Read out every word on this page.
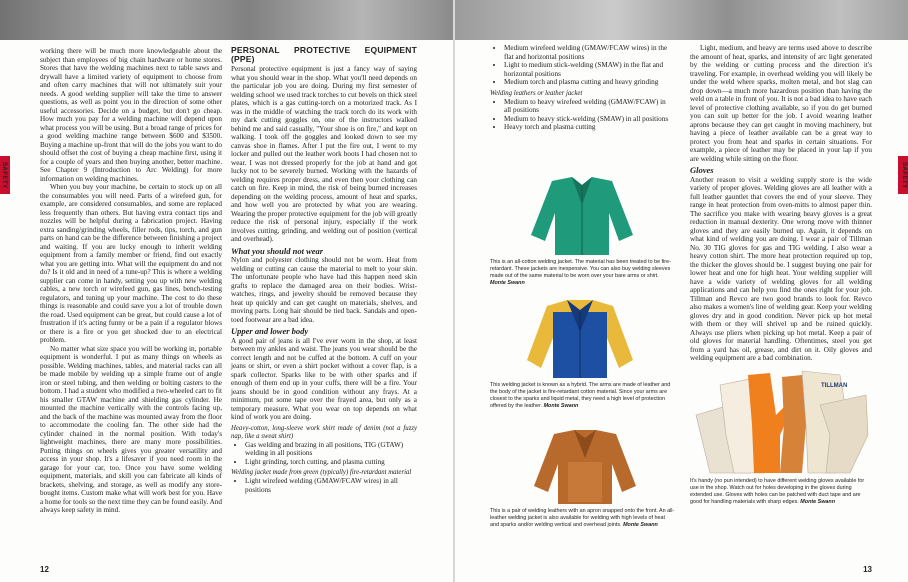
SAFETY

working there will be much more knowledgeable about the subject than employees of big chain hardware or home stores. Stores that have the welding machines next to table saws and drywall have a limited variety of equipment to choose from and often carry machines that will not ultimately suit your needs. A good welding supplier will take the time to answer questions, as well as point you in the direction of some other useful accessories. Decide on a budget, but don't go cheap. How much you pay for a welding machine will depend upon what process you will be using. But a broad range of prices for a good welding machine range between $600 and $3500. Buying a machine up-front that will do the jobs you want to do should offset the cost of buying a cheap machine first, using it for a couple of years and then buying another, better machine. See Chapter 9 (Introduction to Arc Welding) for more information on welding machines.

When you buy your machine, be certain to stock up on all the consumables you will need. Parts of a wirefeed gun, for example, are considered consumables, and some are replaced less frequently than others. But having extra contact tips and nozzles will be helpful during a fabrication project. Having extra sanding/grinding wheels, filler rods, tips, torch, and gun parts on hand can be the difference between finishing a project and waiting. If you are lucky enough to inherit welding equipment from a family member or friend, find out exactly what you are getting into. What will the equipment do and not do? Is it old and in need of a tune-up? This is where a welding supplier can come in handy, setting you up with new welding cables, a new torch or wirefeed gun, gas lines, bench-testing regulators, and tuning up your machine. The cost to do these things is reasonable and could save you a lot of trouble down the road. Used equipment can be great, but could cause a lot of frustration if it's acting funny or be a pain if a regulator blows or there is a fire or you get shocked due to an electrical problem.

No matter what size space you will be working in, portable equipment is wonderful. I put as many things on wheels as possible. Welding machines, tables, and material racks can all be made mobile by welding up a simple frame out of angle iron or steel tubing, and then welding or bolting casters to the bottom. I had a student who modified a two-wheeled cart to fit his smaller GTAW machine and shielding gas cylinder. He mounted the machine vertically with the controls facing up, and the back of the machine was mounted away from the floor to accommodate the cooling fan. The other side had the cylinder chained in the normal position. With today's lightweight machines, there are many more possibilities. Putting things on wheels gives you greater versatility and access in your shop. It's a lifesaver if you need room in the garage for your car, too. Once you have some welding equipment, materials, and skill you can fabricate all kinds of brackets, shelving, and storage, as well as modify any store-bought items. Custom make what will work best for you. Have a home for tools so the next time they can be found easily. And always keep safety in mind.

PERSONAL PROTECTIVE EQUIPMENT (PPE)

Personal protective equipment is just a fancy way of saying what you should wear in the shop. What you'll need depends on the particular job you are doing. During my first semester of welding school we used track torches to cut bevels on thick steel plates, which is a gas cutting-torch on a motorized track. As I was in the middle of watching the track torch do its work with my dark cutting goggles on, one of the instructors walked behind me and said casually, "Your shoe is on fire," and kept on walking. I took off the goggles and looked down to see my canvas shoe in flames. After I put the fire out, I went to my locker and pulled out the leather work boots I had chosen not to wear. I was not dressed properly for the job at hand and got lucky not to be severely burned. Working with the hazards of welding requires proper dress, and even then your clothing can catch on fire. Keep in mind, the risk of being burned increases depending on the welding process, amount of heat and sparks, and how well you are protected by what you are wearing. Wearing the proper protective equipment for the job will greatly reduce the risk of personal injury, especially if the work involves cutting, grinding, and welding out of position (vertical and overhead).

What you should not wear

Nylon and polyester clothing should not be worn. Heat from welding or cutting can cause the material to melt to your skin. The unfortunate people who have had this happen need skin grafts to replace the damaged area on their bodies. Wrist-watches, rings, and jewelry should be removed because they heat up quickly and can get caught on materials, shelves, and moving parts. Long hair should be tied back. Sandals and open-toed footwear are a bad idea.

Upper and lower body

A good pair of jeans is all I've ever worn in the shop, at least between my ankles and waist. The jeans you wear should be the correct length and not be cuffed at the bottom. A cuff on your jeans or shirt, or even a shirt pocket without a cover flap, is a spark collector. Sparks like to be with other sparks and if enough of them end up in your cuffs, there will be a fire. Your jeans should be in good condition without any frays. At a minimum, put some tape over the frayed area, but only as a temporary measure. What you wear on top depends on what kind of work you are doing.

Heavy-cotton, long-sleeve work shirt made of denim (not a fuzzy nap, like a sweat shirt)
• Gas welding and brazing in all positions, TIG (GTAW) welding in all positions
• Light grinding, torch cutting, and plasma cutting
Welding jacket made from green (typically) fire-retardant material
• Light wirefeed welding (GMAW/FCAW wires) in all positions
12
SAFETY
• Medium wirefeed welding (GMAW/FCAW wires) in the flat and horizontal positions
• Light to medium stick-welding (SMAW) in the flat and horizontal positions
• Medium torch and plasma cutting and heavy grinding
Welding leathers or leather jacket
• Medium to heavy wirefeed welding (GMAW/FCAW) in all positions
• Medium to heavy stick-welding (SMAW) in all positions
• Heavy torch and plasma cutting
This is an all-cotton welding jacket. The material has been treated to be fire-retardant. These jackets are inexpensive. You can also buy welding sleeves made out of the same material to be worn over your bare arms or shirt. Monte Swann
This welding jacket is known as a hybrid. The arms are made of leather and the body of the jacket is fire-retardant cotton material. Since your arms are closest to the sparks and liquid metal, they need a high level of protection offered by the leather. Monte Swann
This is a pair of welding leathers with an apron snapped onto the front. An all-leather welding jacket is also available for welding with high levels of heat and sparks and/or welding vertical and overhead joints. Monte Swann

Light, medium, and heavy are terms used above to describe the amount of heat, sparks, and intensity of arc light generated by the welding or cutting process and the direction it's traveling. For example, in overhead welding you will likely be under the weld where sparks, molten metal, and hot slag can drop down—a much more hazardous position than having the weld on a table in front of you. It is not a bad idea to have each level of protective clothing available, so if you do get burned you can suit up better for the job. I avoid wearing leather aprons because they can get caught in moving machinery, but having a piece of leather available can be a great way to protect you from heat and sparks in certain situations. For example, a piece of leather may be placed in your lap if you are welding while sitting on the floor.

Gloves

Another reason to visit a welding supply store is the wide variety of proper gloves. Welding gloves are all leather with a full leather gauntlet that covers the end of your sleeve. They range in heat protection from oven-mitts to almost paper thin. The sacrifice you make with wearing heavy gloves is a great reduction in manual dexterity. One wrong move with thinner gloves and they are easily burned up. Again, it depends on what kind of welding you are doing. I wear a pair of Tillman No. 30 TIG gloves for gas and TIG welding. I also wear a heavy cotton shirt. The more heat protection required up top, the thicker the gloves should be. I suggest buying one pair for lower heat and one for high heat. Your welding supplier will have a wide variety of welding gloves for all welding applications and can help you find the ones right for your job. Tillman and Revco are two good brands to look for. Revco also makes a women's line of welding gear. Keep your welding gloves dry and in good condition. Never pick up hot metal with them or they will shrivel up and be ruined quickly. Always use pliers when picking up hot metal. Keep a pair of old gloves for material handling. Oftentimes, steel you get from a yard has oil, grease, and dirt on it. Oily gloves and welding equipment are a bad combination.

TILLMAN
It's handy (no pun intended) to have different welding gloves available for use in the shop. Watch out for holes developing in the gloves during extended use. Gloves with holes can be patched with duct tape and are good for handling materials with sharp edges. Monte Swann
13
